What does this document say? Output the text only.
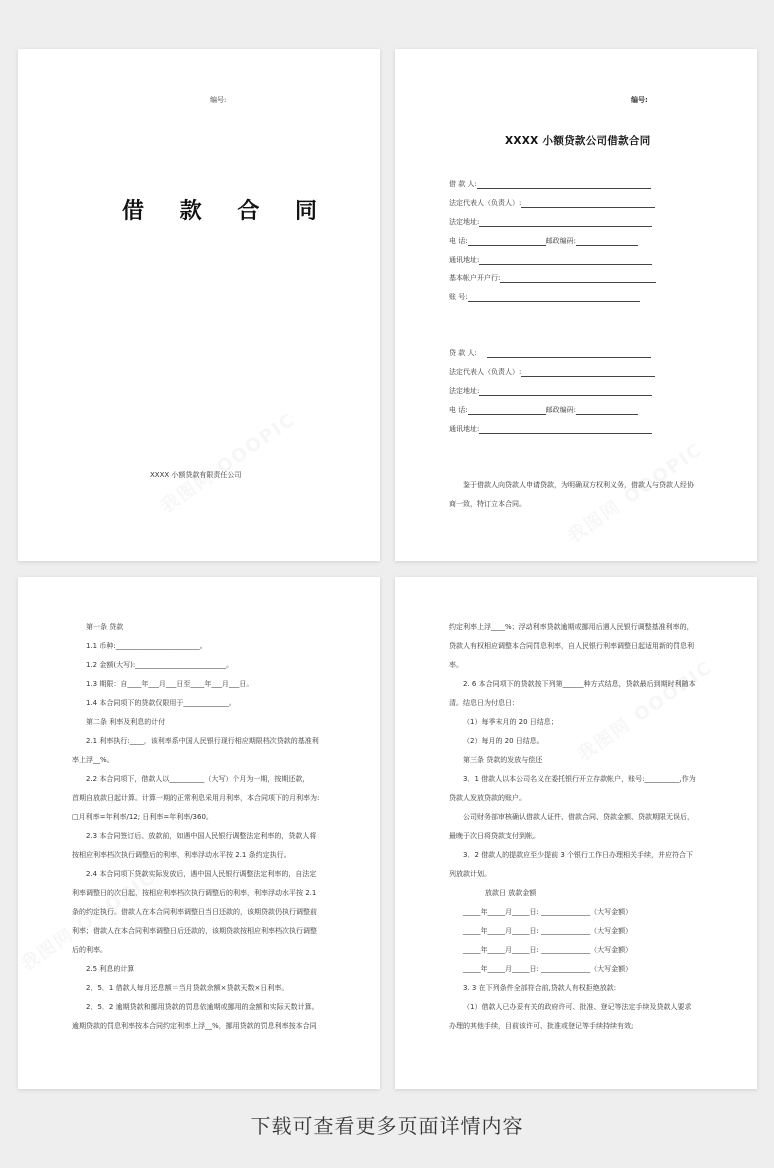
编号:
借 款 合 同
XXXX 小额贷款有限责任公司
编号:
XXXX 小额贷款公司借款合同
借 款 人:
法定代表人（负责人）:
法定地址:
电 话:	邮政编码:
通讯地址:
基本帐户开户行:
账 号:
贷 款 人:
法定代表人（负责人）:
法定地址:
电 话:	邮政编码:
通讯地址:
鉴于借款人向贷款人申请贷款，为明确双方权利义务，借款人与贷款人经协
商一致，特订立本合同。
第一条 贷款
1.1 币种:________________________。
1.2 金额(大写):__________________________。
1.3 期限：自____年___月___日至____年___月___日。
1.4 本合同项下的贷款仅限用于_____________。
第二条 利率及利息的计付
2.1 利率执行:____，该利率系中国人民银行现行相应期限档次贷款的基准利
率上浮__%。
2.2 本合同项下，借款人以__________（大写）个月为一期，按期还款，
首期自放款日起计算。计算一期的正常利息采用月利率，本合同项下的月利率为:
□月利率=年利率/12; 日利率=年利率/360。
2.3 本合同签订后、放款前，如遇中国人民银行调整法定利率的，贷款人将
按相应利率档次执行调整后的利率，利率浮动水平按 2.1 条约定执行。
2.4 本合同项下贷款实际发放后，遇中国人民银行调整法定利率的，自法定
利率调整日的次日起，按相应利率档次执行调整后的利率，利率浮动水平按 2.1
条的约定执行。借款人在本合同利率调整日当日还款的，该期贷款仍执行调整前
利率；借款人在本合同利率调整日后还款的，该期贷款按相应利率档次执行调整
后的利率。
2.5 利息的计算
2．5．1 借款人每月还息额＝当月贷款余额×贷款天数×日利率。
2．5．2 逾期贷款和挪用贷款的罚息依逾期或挪用的金额和实际天数计算。
逾期贷款的罚息利率按本合同约定利率上浮__%，挪用贷款的罚息利率按本合同
约定利率上浮____%；浮动利率贷款逾期或挪用后遇人民银行调整基准利率的，
贷款人有权相应调整本合同罚息利率，自人民银行利率调整日起适用新的罚息利
率。
2. 6 本合同项下的贷款按下列第______种方式结息，贷款最后到期时利随本
清。结息日为付息日：
（1）每季末月的 20 日结息；
（2）每月的 20 日结息。
第三条 贷款的发放与偿还
3．1 借款人以本公司名义在委托银行开立存款帐户，账号:__________,作为
贷款人发放贷款的账户。
公司财务部审核确认借款人证件、借款合同、贷款金额、贷款期限无误后，
最晚于次日将贷款支付到帐。
3．2 借款人的提款应至少提前 3 个银行工作日办理相关手续，并应符合下
列放款计划。
放款日 放款金额
_____年_____月_____日: ______________（大写金额）
_____年_____月_____日: ______________（大写金额）
_____年_____月_____日: ______________（大写金额）
_____年_____月_____日: ______________（大写金额）
3. 3 在下列条件全部符合前,贷款人有权拒绝放款:
（1）借款人已办妥有关的政府许可、批准、登记等法定手续及贷款人要求
办理的其他手续，目前该许可、批准或登记等手续持续有效;
下载可查看更多页面详情内容
